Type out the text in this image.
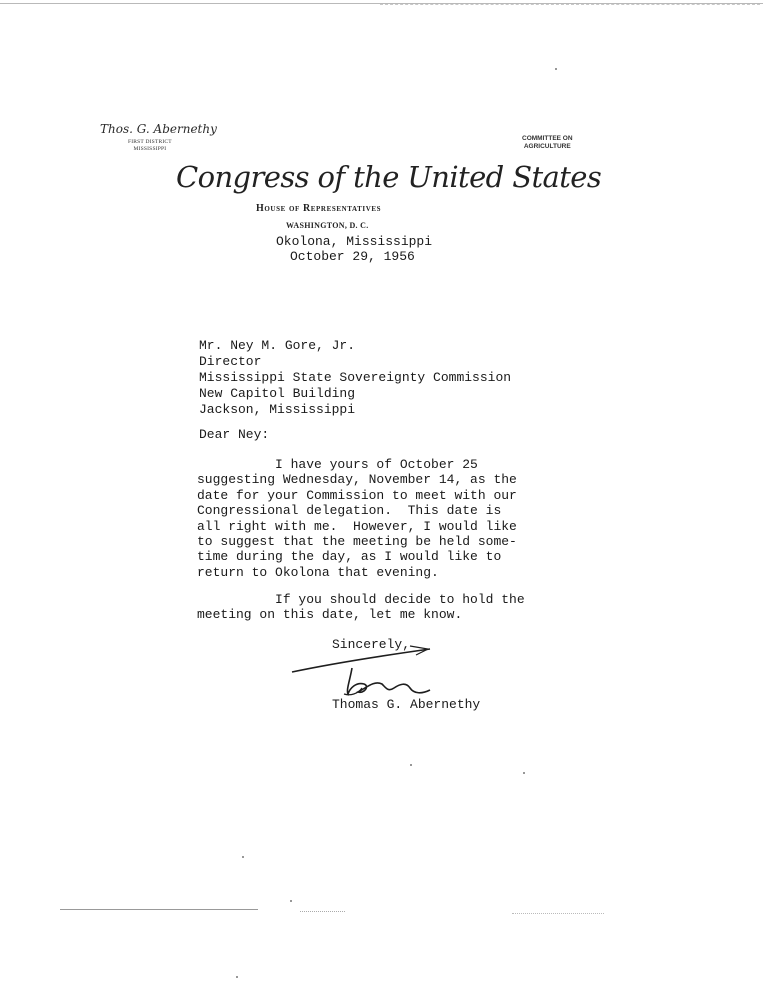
Thos. G. Abernethy
FIRST DISTRICT
MISSISSIPPI
COMMITTEE ON
AGRICULTURE
Congress of the United States
House of Representatives
WASHINGTON, D. C.
Okolona, Mississippi
October 29, 1956
Mr. Ney M. Gore, Jr.
Director
Mississippi State Sovereignty Commission
New Capitol Building
Jackson, Mississippi
Dear Ney:
I have yours of October 25
suggesting Wednesday, November 14, as the
date for your Commission to meet with our
Congressional delegation.  This date is
all right with me.  However, I would like
to suggest that the meeting be held some-
time during the day, as I would like to
return to Okolona that evening.
If you should decide to hold the
meeting on this date, let me know.
Sincerely,
Thomas G. Abernethy
